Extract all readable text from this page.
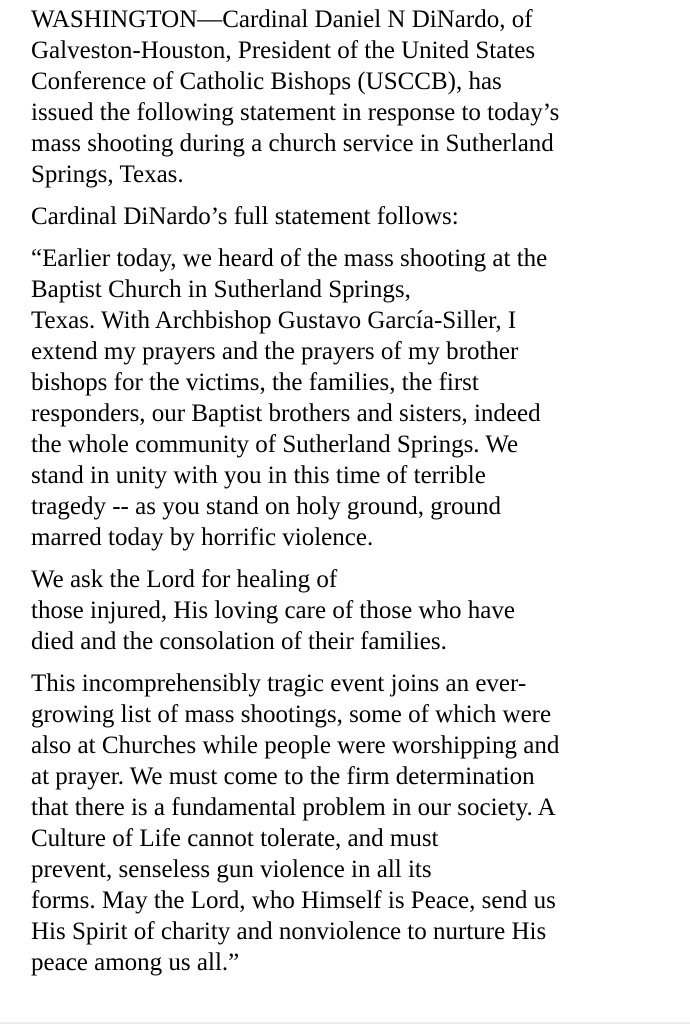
WASHINGTON—Cardinal Daniel N DiNardo, of
Galveston-Houston, President of the United States
Conference of Catholic Bishops (USCCB), has
issued the following statement in response to today’s
mass shooting during a church service in Sutherland
Springs, Texas.
Cardinal DiNardo’s full statement follows:
“Earlier today, we heard of the mass shooting at the
Baptist Church in Sutherland Springs,
Texas. With Archbishop Gustavo García-Siller, I
extend my prayers and the prayers of my brother
bishops for the victims, the families, the first
responders, our Baptist brothers and sisters, indeed
the whole community of Sutherland Springs. We
stand in unity with you in this time of terrible
tragedy -- as you stand on holy ground, ground
marred today by horrific violence.
We ask the Lord for healing of
those injured, His loving care of those who have
died and the consolation of their families.
This incomprehensibly tragic event joins an ever-
growing list of mass shootings, some of which were
also at Churches while people were worshipping and
at prayer. We must come to the firm determination
that there is a fundamental problem in our society. A
Culture of Life cannot tolerate, and must
prevent, senseless gun violence in all its
forms. May the Lord, who Himself is Peace, send us
His Spirit of charity and nonviolence to nurture His
peace among us all.”
